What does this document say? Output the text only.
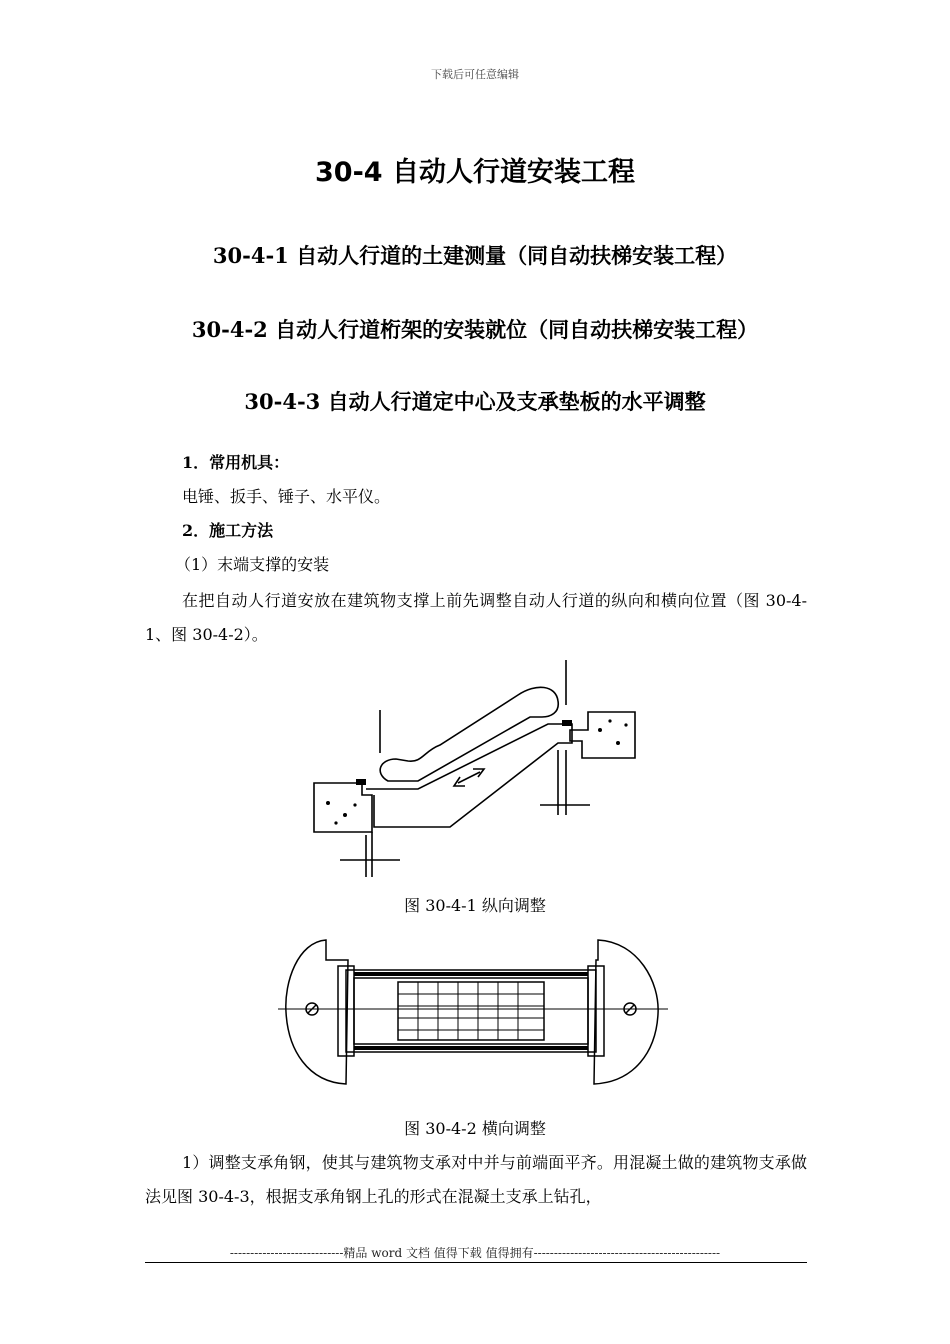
下载后可任意编辑
30-4 自动人行道安装工程
30-4-1 自动人行道的土建测量（同自动扶梯安装工程）
30-4-2 自动人行道桁架的安装就位（同自动扶梯安装工程）
30-4-3 自动人行道定中心及支承垫板的水平调整
1．常用机具：
电锤、扳手、锤子、水平仪。
2．施工方法
（1）末端支撑的安装
在把自动人行道安放在建筑物支撑上前先调整自动人行道的纵向和横向位置（图 30-4-1、图 30-4-2）。
图 30-4-1 纵向调整
图 30-4-2 横向调整
1）调整支承角钢，使其与建筑物支承对中并与前端面平齐。用混凝土做的建筑物支承做法见图 30-4-3，根据支承角钢上孔的形式在混凝土支承上钻孔，
----------------------------精品 word 文档 值得下载 值得拥有----------------------------------------------
